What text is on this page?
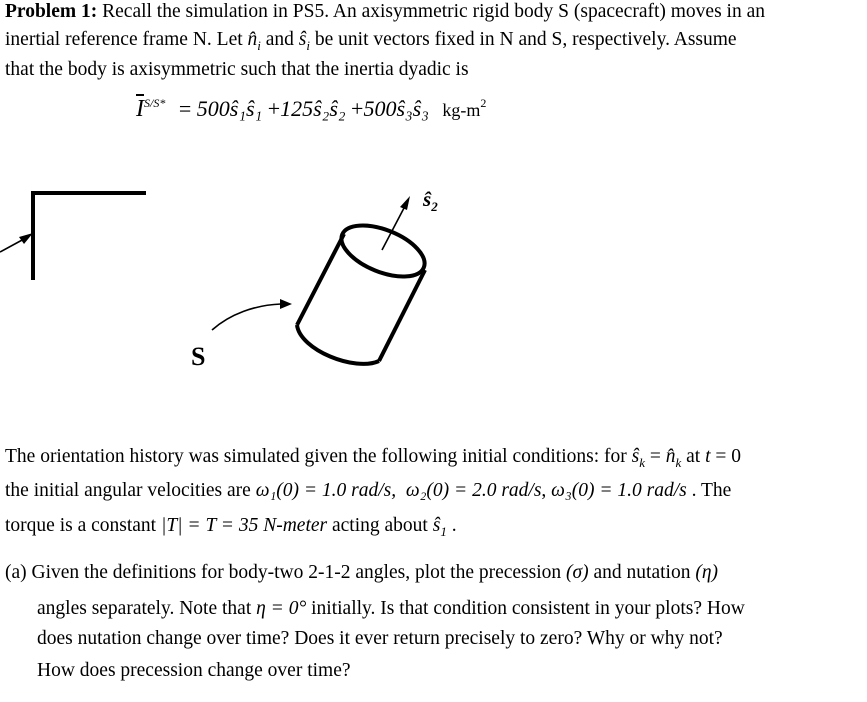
Problem 1: Recall the simulation in PS5. An axisymmetric rigid body S (spacecraft) moves in an
inertial reference frame N. Let $n̂_i$ and $ŝ_i$ be unit vectors fixed in N and S, respectively. Assume
that the body is axisymmetric such that the inertia dyadic is
$\overline{I}^{S/S*}$ = 500ŝ₁ŝ₁ +125ŝ₂ŝ₂ +500ŝ₃ŝ₃ $kg-m^2$
$ŝ_2$
S
The orientation history was simulated given the following initial conditions: for $ŝ_k$ = $n̂_k$ at t = 0
the initial angular velocities are ω₁(0) = 1.0 rad/s, ω₂(0) = 2.0 rad/s, ω₃(0) = 1.0 rad/s . The
torque is a constant |T| = T = 35 N-meter acting about $ŝ_1$ .
(a) Given the definitions for body-two 2-1-2 angles, plot the precession (σ) and nutation (η)
angles separately. Note that η = 0° initially. Is that condition consistent in your plots? How
does nutation change over time? Does it ever return precisely to zero? Why or why not?
How does precession change over time?
